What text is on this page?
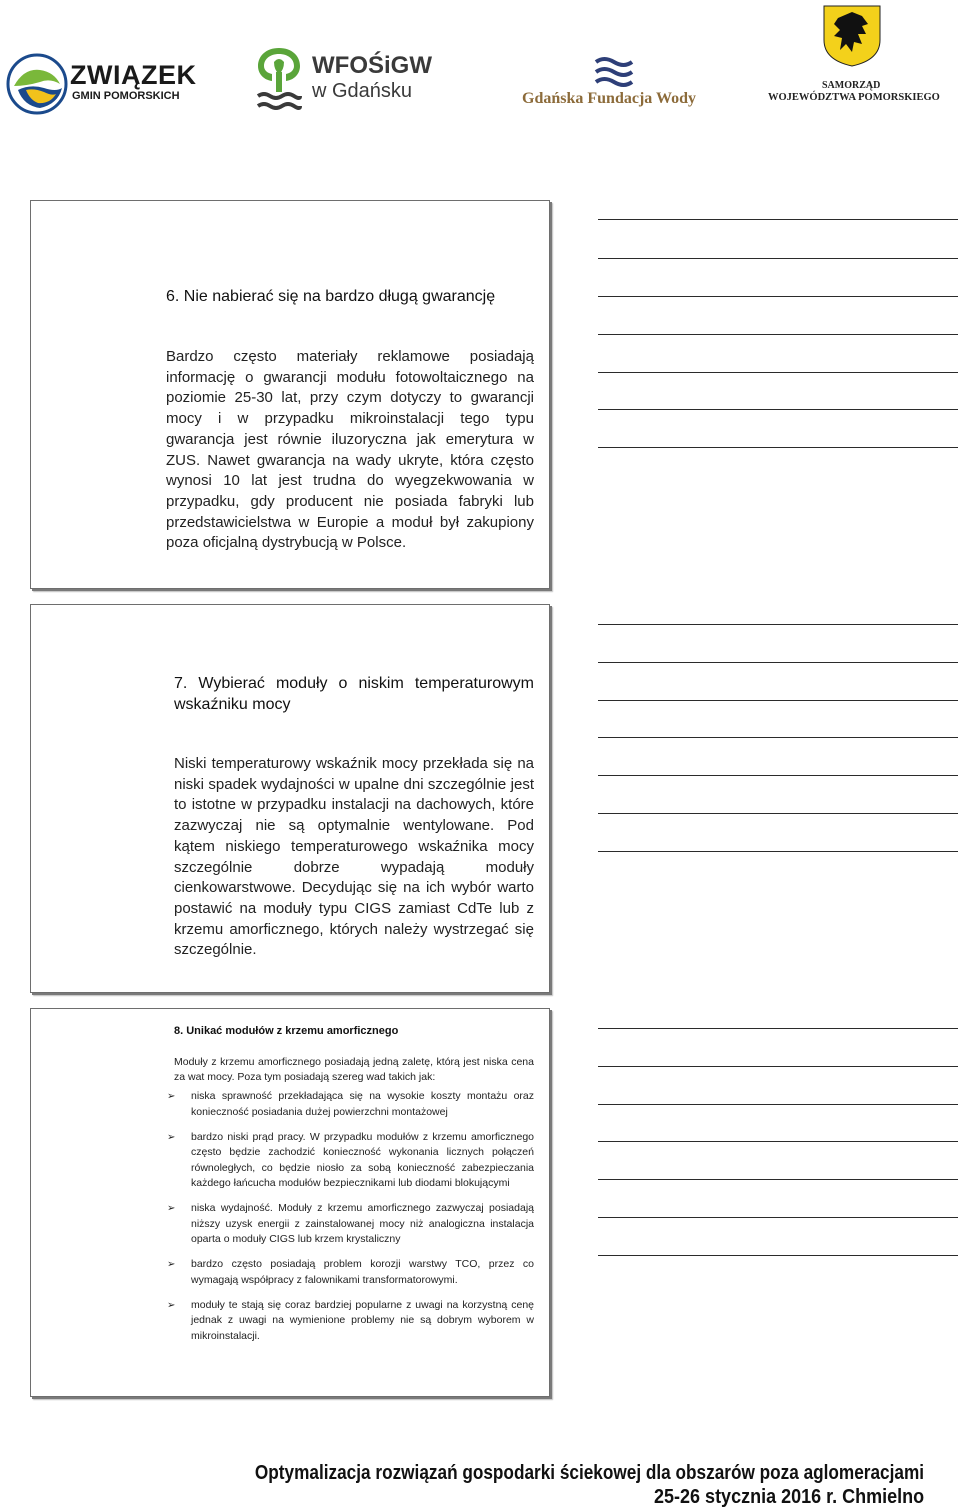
ZWIĄZEK
GMIN POMORSKICH
WFOŚiGW
w Gdańsku	Gdańska Fundacja Wody
SAMORZĄD
WOJEWÓDZTWA POMORSKIEGO
6. Nie nabierać się na bardzo długą gwarancję

Bardzo często materiały reklamowe posiadają informację o gwarancji modułu fotowoltaicznego na poziomie 25-30 lat, przy czym dotyczy to gwarancji mocy i w przypadku mikroinstalacji tego typu gwarancja jest równie iluzoryczna jak emerytura w ZUS. Nawet gwarancja na wady ukryte, która często wynosi 10 lat jest trudna do wyegzekwowania w przypadku, gdy producent nie posiada fabryki lub przedstawicielstwa w Europie a moduł był zakupiony poza oficjalną dystrybucją w Polsce.

7. Wybierać moduły o niskim temperaturowym wskaźniku mocy

Niski temperaturowy wskaźnik mocy przekłada się na niski spadek wydajności w upalne dni szczególnie jest to istotne w przypadku instalacji na dachowych, które zazwyczaj nie są optymalnie wentylowane. Pod kątem niskiego temperaturowego wskaźnika mocy szczególnie dobrze wypadają moduły cienkowarstwowe. Decydując się na ich wybór warto postawić na moduły typu CIGS zamiast CdTe lub z krzemu amorficznego, których należy wystrzegać się szczególnie.

8. Unikać modułów z krzemu amorficznego

Moduły z krzemu amorficznego posiadają jedną zaletę, którą jest niska cena za wat mocy. Poza tym posiadają szereg wad takich jak:

➢ niska sprawność przekładająca się na wysokie koszty montażu oraz konieczność posiadania dużej powierzchni montażowej
➢ bardzo niski prąd pracy. W przypadku modułów z krzemu amorficznego często będzie zachodzić konieczność wykonania licznych połączeń równoległych, co będzie niosło za sobą konieczność zabezpieczania każdego łańcucha modułów bezpiecznikami lub diodami blokującymi
➢ niska wydajność. Moduły z krzemu amorficznego zazwyczaj posiadają niższy uzysk energii z zainstalowanej mocy niż analogiczna instalacja oparta o moduły CIGS lub krzem krystaliczny
➢ bardzo często posiadają problem korozji warstwy TCO, przez co wymagają współpracy z falownikami transformatorowymi.
➢ moduły te stają się coraz bardziej popularne z uwagi na korzystną cenę jednak z uwagi na wymienione problemy nie są dobrym wyborem w mikroinstalacji.
Optymalizacja rozwiązań gospodarki ściekowej dla obszarów poza aglomeracjami
25-26 stycznia 2016 r. Chmielno
